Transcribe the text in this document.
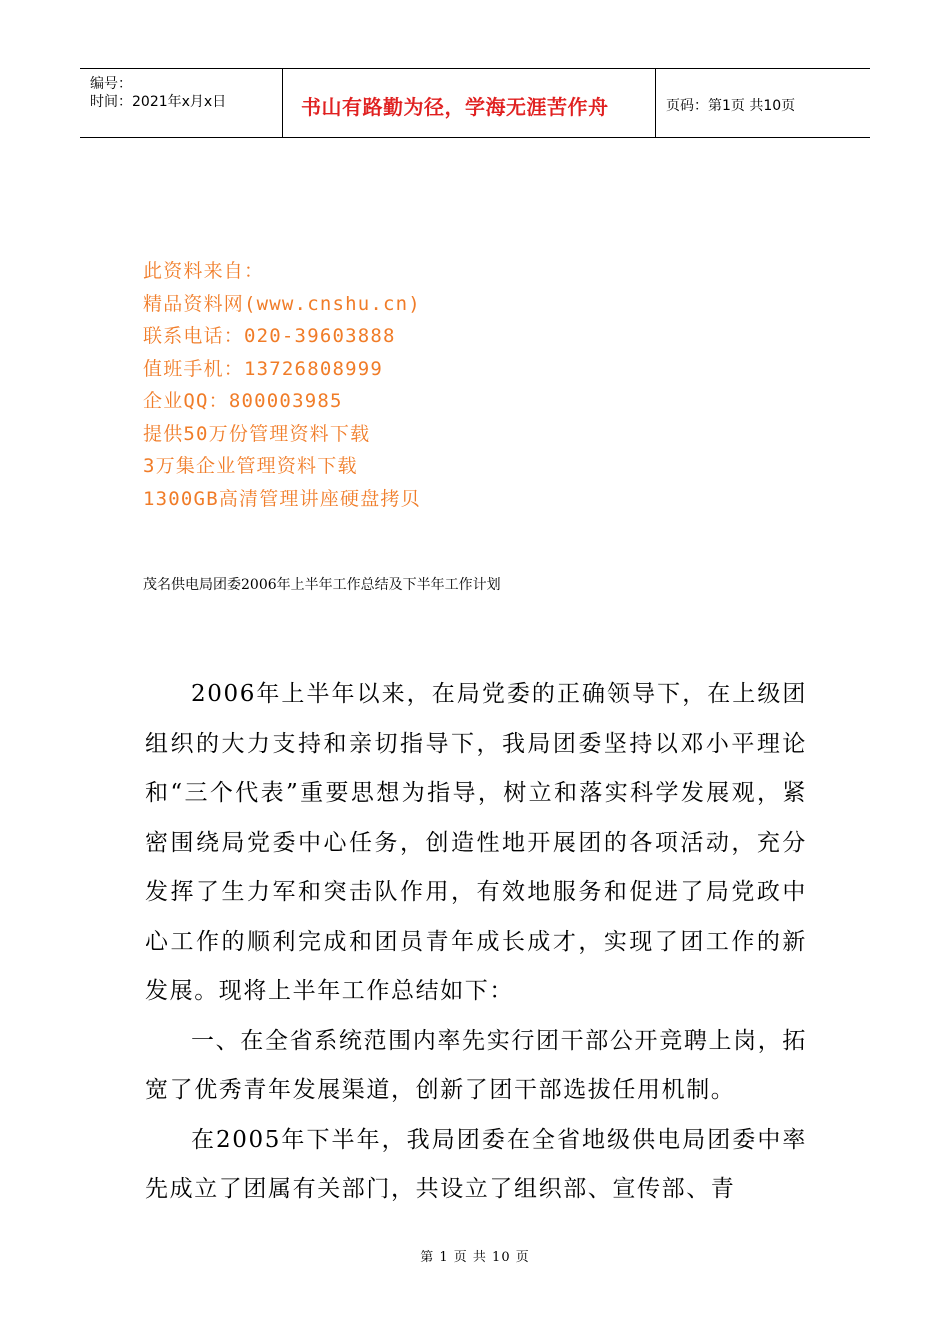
编号：
时间：2021年x月x日	书山有路勤为径，学海无涯苦作舟	页码：第1页 共10页
此资料来自：
精品资料网(www.cnshu.cn)
联系电话：020-39603888
值班手机：13726808999
企业QQ：800003985
提供50万份管理资料下载
3万集企业管理资料下载
1300GB高清管理讲座硬盘拷贝
茂名供电局团委2006年上半年工作总结及下半年工作计划

2006年上半年以来，在局党委的正确领导下，在上级团组织的大力支持和亲切指导下，我局团委坚持以邓小平理论和“三个代表”重要思想为指导，树立和落实科学发展观，紧密围绕局党委中心任务，创造性地开展团的各项活动，充分发挥了生力军和突击队作用，有效地服务和促进了局党政中心工作的顺利完成和团员青年成长成才，实现了团工作的新发展。现将上半年工作总结如下：

一、在全省系统范围内率先实行团干部公开竞聘上岗，拓宽了优秀青年发展渠道，创新了团干部选拔任用机制。

在2005年下半年，我局团委在全省地级供电局团委中率先成立了团属有关部门，共设立了组织部、宣传部、青

第 1 页 共 10 页
